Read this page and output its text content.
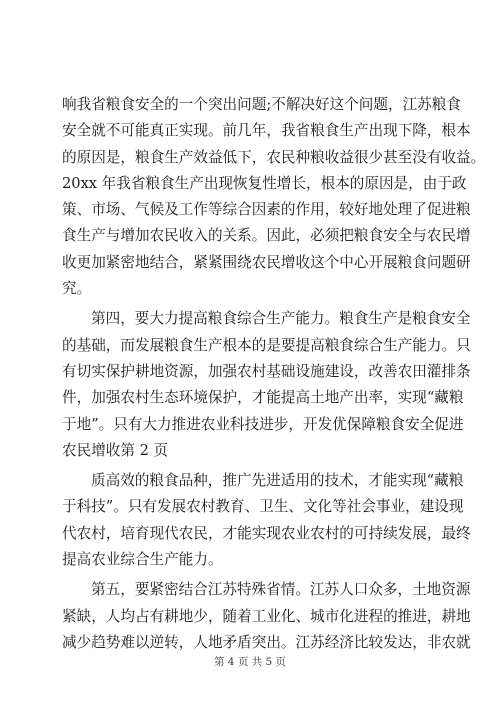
响我省粮食安全的一个突出问题;不解决好这个问题，江苏粮食
安全就不可能真正实现。前几年，我省粮食生产出现下降，根本
的原因是，粮食生产效益低下，农民种粮收益很少甚至没有收益。
20xx 年我省粮食生产出现恢复性增长，根本的原因是，由于政
策、市场、气候及工作等综合因素的作用，较好地处理了促进粮
食生产与增加农民收入的关系。因此，必须把粮食安全与农民增
收更加紧密地结合，紧紧围绕农民增收这个中心开展粮食问题研
究。
第四，要大力提高粮食综合生产能力。粮食生产是粮食安全
的基础，而发展粮食生产根本的是要提高粮食综合生产能力。只
有切实保护耕地资源，加强农村基础设施建设，改善农田灌排条
件，加强农村生态环境保护，才能提高土地产出率，实现“藏粮
于地”。只有大力推进农业科技进步，开发优保障粮食安全促进
农民增收第 2 页
质高效的粮食品种，推广先进适用的技术，才能实现“藏粮
于科技”。只有发展农村教育、卫生、文化等社会事业，建设现
代农村，培育现代农民，才能实现农业农村的可持续发展，最终
提高农业综合生产能力。
第五，要紧密结合江苏特殊省情。江苏人口众多，土地资源
紧缺，人均占有耕地少，随着工业化、城市化进程的推进，耕地
减少趋势难以逆转，人地矛盾突出。江苏经济比较发达，非农就
第 4 页 共 5 页
